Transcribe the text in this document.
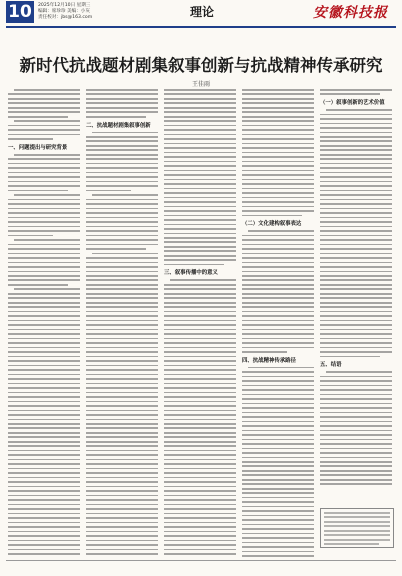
10	2025年12月10日 星期三
编辑：席珍珍 美编：小灰
责任校对：jbs@163.com	理论	安徽科技报
新时代抗战题材剧集叙事创新与抗战精神传承研究
王佳雨
一、问题提出与研究背景
二、抗战题材剧集叙事创新
三、叙事传播中的意义
（二）文化建构叙事表达
四、抗战精神传承路径
（一）叙事创新的艺术价值
五、结语
